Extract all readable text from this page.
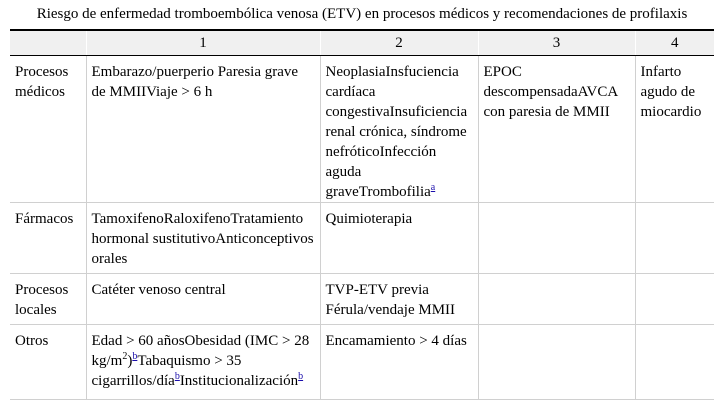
Riesgo de enfermedad tromboembólica venosa (ETV) en procesos médicos y recomendaciones de profilaxis
	1	2	3	4
Procesos médicos	Embarazo/puerperio Paresia grave de MMIIViaje > 6 h	NeoplasiaInsfuciencia cardíaca congestivaInsuficiencia renal crónica, síndrome nefróticoInfección aguda graveTrombofilia$^a$	EPOC descompensadaAVCA con paresia de MMII	Infarto agudo de miocardio
Fármacos	TamoxifenoRaloxifenoTratamiento hormonal sustitutivoAnticonceptivos orales	Quimioterapia		
Procesos locales	Catéter venoso central	TVP-ETV previa Férula/vendaje MMII		
Otros	Edad > 60 añosObesidad (IMC > 28 $kg/m^2)^bTabaquismo > 35$ cigarrillos/día$^b$Institucionalización$^b$	Encamamiento > 4 días		
